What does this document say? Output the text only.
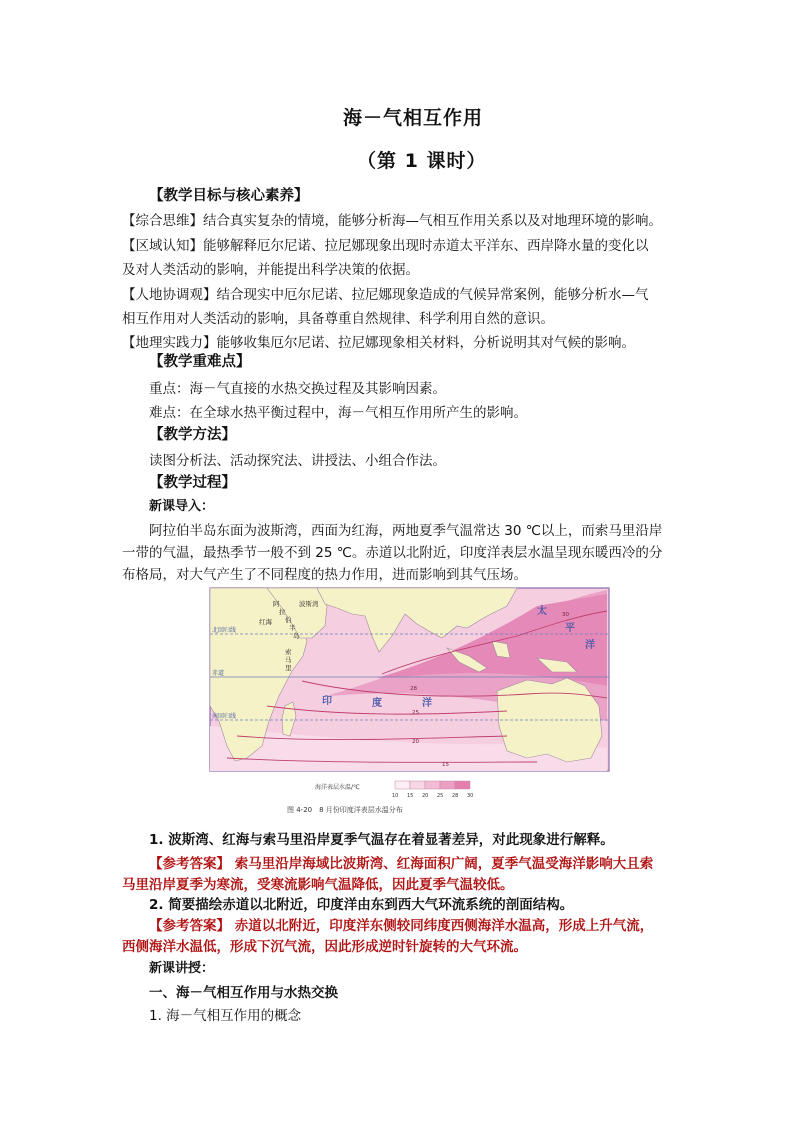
海－气相互作用
（第 1 课时）
【教学目标与核心素养】
【综合思维】结合真实复杂的情境，能够分析海—气相互作用关系以及对地理环境的影响。
【区域认知】能够解释厄尔尼诺、拉尼娜现象出现时赤道太平洋东、西岸降水量的变化以
及对人类活动的影响，并能提出科学决策的依据。
【人地协调观】结合现实中厄尔尼诺、拉尼娜现象造成的气候异常案例，能够分析水—气
相互作用对人类活动的影响，具备尊重自然规律、科学利用自然的意识。
【地理实践力】能够收集厄尔尼诺、拉尼娜现象相关材料，分析说明其对气候的影响。
【教学重难点】
重点：海－气直接的水热交换过程及其影响因素。
难点：在全球水热平衡过程中，海－气相互作用所产生的影响。
【教学方法】
读图分析法、活动探究法、讲授法、小组合作法。
【教学过程】
新课导入：
阿拉伯半岛东面为波斯湾，西面为红海，两地夏季气温常达 30 ℃以上，而索马里沿岸
一带的气温，最热季节一般不到 25 ℃。赤道以北附近，印度洋表层水温呈现东暖西冷的分
布格局，对大气产生了不同程度的热力作用，进而影响到其气压场。
北回归线
赤道
南回归线
阿
拉
伯
半
岛
波斯湾
红海
索
马
里
太
平
洋
印	度	洋
30
28
25
20
15
海洋表层水温/℃
10 15 20 25 28 30
图 4-20　8 月份印度洋表层水温分布
1. 波斯湾、红海与索马里沿岸夏季气温存在着显著差异，对此现象进行解释。
【参考答案】 索马里沿岸海域比波斯湾、红海面积广阔，夏季气温受海洋影响大且索
马里沿岸夏季为寒流，受寒流影响气温降低，因此夏季气温较低。
2. 简要描绘赤道以北附近，印度洋由东到西大气环流系统的剖面结构。
【参考答案】 赤道以北附近，印度洋东侧较同纬度西侧海洋水温高，形成上升气流，
西侧海洋水温低，形成下沉气流，因此形成逆时针旋转的大气环流。
新课讲授：
一、海－气相互作用与水热交换
1. 海－气相互作用的概念
